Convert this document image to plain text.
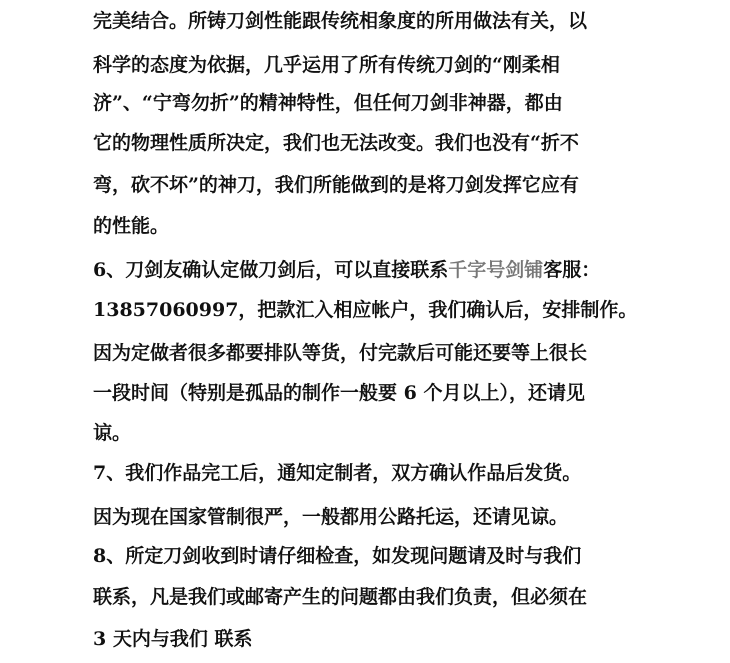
完美结合。所铸刀剑性能跟传统相象度的所用做法有关，以
科学的态度为依据，几乎运用了所有传统刀剑的“刚柔相
济”、“宁弯勿折”的精神特性，但任何刀剑非神器，都由
它的物理性质所决定，我们也无法改变。我们也没有“折不
弯，砍不坏”的神刀，我们所能做到的是将刀剑发挥它应有
的性能。
6、刀剑友确认定做刀剑后，可以直接联系千字号剑铺客服：
13857060997，把款汇入相应帐户，我们确认后，安排制作。
因为定做者很多都要排队等货，付完款后可能还要等上很长
一段时间（特别是孤品的制作一般要 6 个月以上），还请见
谅。
7、我们作品完工后，通知定制者，双方确认作品后发货。
因为现在国家管制很严，一般都用公路托运，还请见谅。
8、所定刀剑收到时请仔细检查，如发现问题请及时与我们
联系，凡是我们或邮寄产生的问题都由我们负责，但必须在
3 天内与我们 联系
